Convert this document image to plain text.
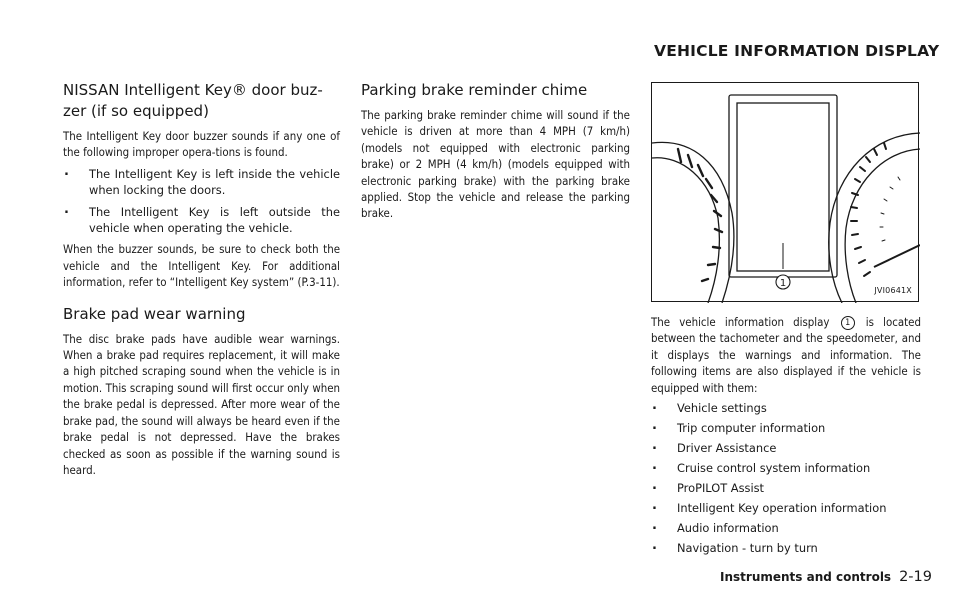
VEHICLE INFORMATION DISPLAY
NISSAN Intelligent Key® door buz-zer (if so equipped)

The Intelligent Key door buzzer sounds if any one of the following improper opera-tions is found.

. The Intelligent Key is left inside the vehicle when locking the doors.
. The Intelligent Key is left outside the vehicle when operating the vehicle.

When the buzzer sounds, be sure to check both the vehicle and the Intelligent Key. For additional information, refer to “Intelligent Key system” (P.3-11).

Brake pad wear warning

The disc brake pads have audible wear warnings. When a brake pad requires replacement, it will make a high pitched scraping sound when the vehicle is in motion. This scraping sound will first occur only when the brake pedal is depressed. After more wear of the brake pad, the sound will always be heard even if the brake pedal is not depressed. Have the brakes checked as soon as possible if the warning sound is heard.

Parking brake reminder chime

The parking brake reminder chime will sound if the vehicle is driven at more than 4 MPH (7 km/h) (models not equipped with electronic parking brake) or 2 MPH (4 km/h) (models equipped with electronic parking brake) with the parking brake applied. Stop the vehicle and release the parking brake.

1
JVI0641X

The vehicle information display 1 is located between the tachometer and the speedometer, and it displays the warnings and information. The following items are also displayed if the vehicle is equipped with them:

. Vehicle settings
. Trip computer information
. Driver Assistance
. Cruise control system information
. ProPILOT Assist
. Intelligent Key operation information
. Audio information
. Navigation - turn by turn
Instruments and controls 2-19
